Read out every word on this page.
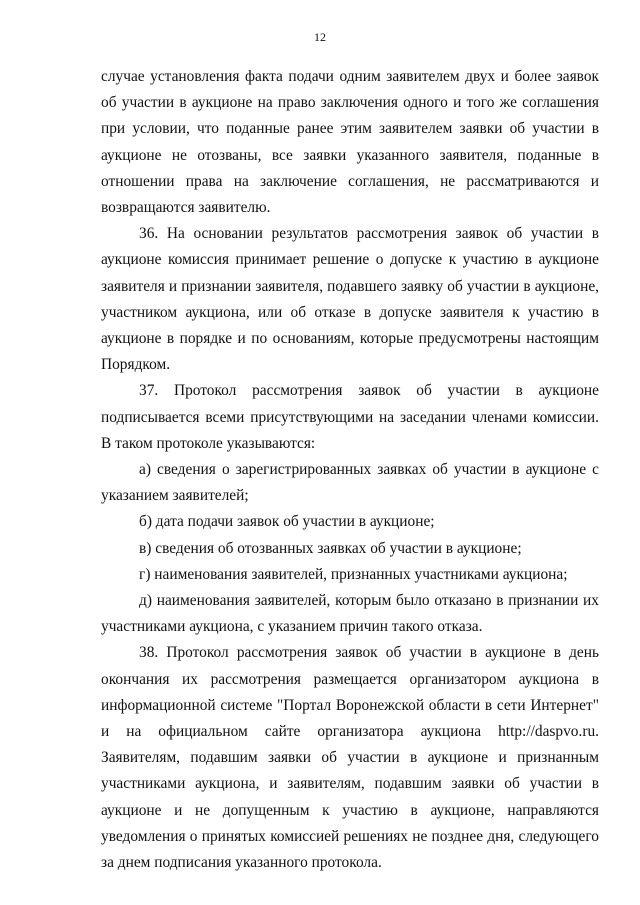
12

случае установления факта подачи одним заявителем двух и более заявок об участии в аукционе на право заключения одного и того же соглашения при условии, что поданные ранее этим заявителем заявки об участии в аукционе не отозваны, все заявки указанного заявителя, поданные в отношении права на заключение соглашения, не рассматриваются и возвращаются заявителю.

36. На основании результатов рассмотрения заявок об участии в аукционе комиссия принимает решение о допуске к участию в аукционе заявителя и признании заявителя, подавшего заявку об участии в аукционе, участником аукциона, или об отказе в допуске заявителя к участию в аукционе в порядке и по основаниям, которые предусмотрены настоящим Порядком.

37. Протокол рассмотрения заявок об участии в аукционе подписывается всеми присутствующими на заседании членами комиссии. В таком протоколе указываются:

а) сведения о зарегистрированных заявках об участии в аукционе с указанием заявителей;

б) дата подачи заявок об участии в аукционе;

в) сведения об отозванных заявках об участии в аукционе;

г) наименования заявителей, признанных участниками аукциона;

д) наименования заявителей, которым было отказано в признании их участниками аукциона, с указанием причин такого отказа.

38. Протокол рассмотрения заявок об участии в аукционе в день окончания их рассмотрения размещается организатором аукциона в информационной системе "Портал Воронежской области в сети Интернет" и на официальном сайте организатора аукциона http://daspvo.ru. Заявителям, подавшим заявки об участии в аукционе и признанным участниками аукциона, и заявителям, подавшим заявки об участии в аукционе и не допущенным к участию в аукционе, направляются уведомления о принятых комиссией решениях не позднее дня, следующего за днем подписания указанного протокола.
